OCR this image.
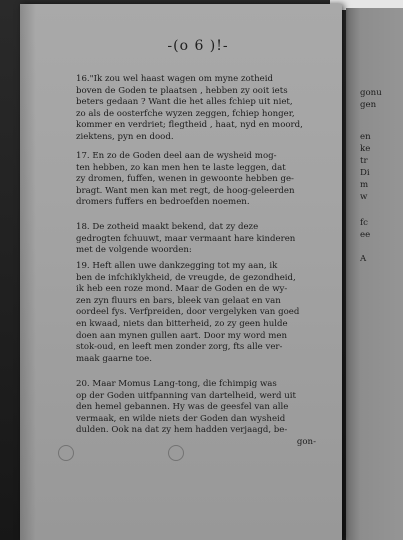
gonu
gen
en
ke
tr
Di
m
w
fc
ee
A
-(o 6 )!-
16."Ik zou wel haast wagen om myne zotheid
boven de Goden te plaatsen , hebben zy ooit iets
beters gedaan ? Want die het alles fchiep uit niet,
zo als de oosterfche wyzen zeggen, fchiep honger,
kommer en verdriet; flegtheid , haat, nyd en moord,
ziektens, pyn en dood.
17. En zo de Goden deel aan de wysheid mog-
ten hebben, zo kan men hen te laste leggen, dat
zy dromen, fuffen, wenen in gewoonte hebben ge-
bragt. Want men kan met regt, de hoog-geleerden
dromers fuffers en bedroefden noemen.
18. De zotheid maakt bekend, dat zy deze
gedrogten fchuuwt, maar vermaant hare kinderen
met de volgende woorden:
19. Heft allen uwe dankzegging tot my aan, ik
ben de infchiklykheid, de vreugde, de gezondheid,
ik heb een roze mond. Maar de Goden en de wy-
zen zyn fluurs en bars, bleek van gelaat en van
oordeel fys. Verfpreiden, door vergelyken van goed
en kwaad, niets dan bitterheid, zo zy geen hulde
doen aan mynen gullen aart. Door my word men
stok-oud, en leeft men zonder zorg, fts alle ver-
maak gaarne toe.
20. Maar Momus Lang-tong, die fchimpig was
op der Goden uitfpanning van dartelheid, werd uit
den hemel gebannen. Hy was de geesfel van alle
vermaak, en wilde niets der Goden dan wysheid
dulden. Ook na dat zy hem hadden verjaagd, be-
gon-
